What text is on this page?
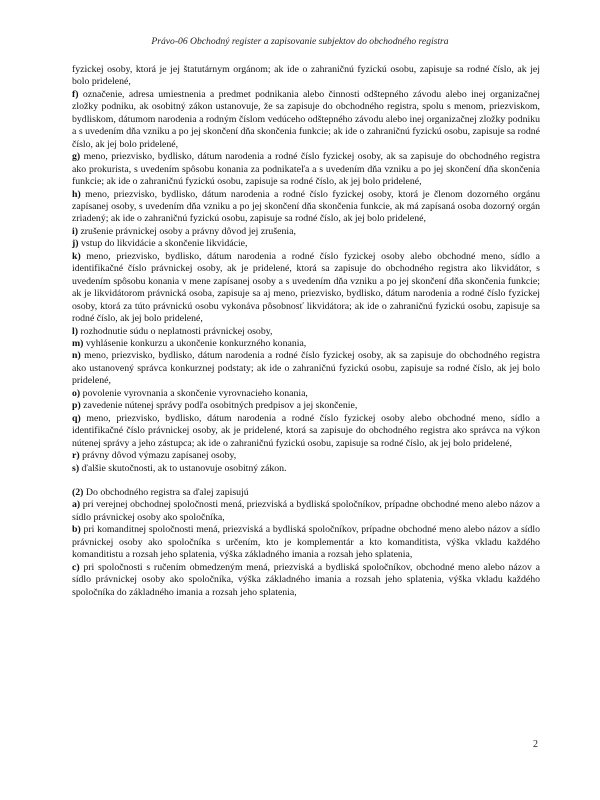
Právo-06 Obchodný register a zapisovanie subjektov do obchodného registra

fyzickej osoby, ktorá je jej štatutárnym orgánom; ak ide o zahraničnú fyzickú osobu, zapisuje sa rodné číslo, ak jej bolo pridelené,

f) označenie, adresa umiestnenia a predmet podnikania alebo činnosti odštepného závodu alebo inej organizačnej zložky podniku, ak osobitný zákon ustanovuje, že sa zapisuje do obchodného registra, spolu s menom, priezviskom, bydliskom, dátumom narodenia a rodným číslom vedúceho odštepného závodu alebo inej organizačnej zložky podniku a s uvedením dňa vzniku a po jej skončení dňa skončenia funkcie; ak ide o zahraničnú fyzickú osobu, zapisuje sa rodné číslo, ak jej bolo pridelené,

g) meno, priezvisko, bydlisko, dátum narodenia a rodné číslo fyzickej osoby, ak sa zapisuje do obchodného registra ako prokurista, s uvedením spôsobu konania za podnikateľa a s uvedením dňa vzniku a po jej skončení dňa skončenia funkcie; ak ide o zahraničnú fyzickú osobu, zapisuje sa rodné číslo, ak jej bolo pridelené,

h) meno, priezvisko, bydlisko, dátum narodenia a rodné číslo fyzickej osoby, ktorá je členom dozorného orgánu zapísanej osoby, s uvedením dňa vzniku a po jej skončení dňa skončenia funkcie, ak má zapísaná osoba dozorný orgán zriadený; ak ide o zahraničnú fyzickú osobu, zapisuje sa rodné číslo, ak jej bolo pridelené,

i) zrušenie právnickej osoby a právny dôvod jej zrušenia,

j) vstup do likvidácie a skončenie likvidácie,

k) meno, priezvisko, bydlisko, dátum narodenia a rodné číslo fyzickej osoby alebo obchodné meno, sídlo a identifikačné číslo právnickej osoby, ak je pridelené, ktorá sa zapisuje do obchodného registra ako likvidátor, s uvedením spôsobu konania v mene zapísanej osoby a s uvedením dňa vzniku a po jej skončení dňa skončenia funkcie; ak je likvidátorom právnická osoba, zapisuje sa aj meno, priezvisko, bydlisko, dátum narodenia a rodné číslo fyzickej osoby, ktorá za túto právnickú osobu vykonáva pôsobnosť likvidátora; ak ide o zahraničnú fyzickú osobu, zapisuje sa rodné číslo, ak jej bolo pridelené,

l) rozhodnutie súdu o neplatnosti právnickej osoby,

m) vyhlásenie konkurzu a ukončenie konkurzného konania,

n) meno, priezvisko, bydlisko, dátum narodenia a rodné číslo fyzickej osoby, ak sa zapisuje do obchodného registra ako ustanovený správca konkurznej podstaty; ak ide o zahraničnú fyzickú osobu, zapisuje sa rodné číslo, ak jej bolo pridelené,

o) povolenie vyrovnania a skončenie vyrovnacieho konania,

p) zavedenie nútenej správy podľa osobitných predpisov a jej skončenie,

q) meno, priezvisko, bydlisko, dátum narodenia a rodné číslo fyzickej osoby alebo obchodné meno, sídlo a identifikačné číslo právnickej osoby, ak je pridelené, ktorá sa zapisuje do obchodného registra ako správca na výkon nútenej správy a jeho zástupca; ak ide o zahraničnú fyzickú osobu, zapisuje sa rodné číslo, ak jej bolo pridelené,

r) právny dôvod výmazu zapísanej osoby,

s) ďalšie skutočnosti, ak to ustanovuje osobitný zákon.

(2) Do obchodného registra sa ďalej zapisujú

a) pri verejnej obchodnej spoločnosti mená, priezviská a bydliská spoločníkov, prípadne obchodné meno alebo názov a sídlo právnickej osoby ako spoločníka,

b) pri komanditnej spoločnosti mená, priezviská a bydliská spoločníkov, prípadne obchodné meno alebo názov a sídlo právnickej osoby ako spoločníka s určením, kto je komplementár a kto komanditista, výška vkladu každého komanditistu a rozsah jeho splatenia, výška základného imania a rozsah jeho splatenia,

c) pri spoločnosti s ručením obmedzeným mená, priezviská a bydliská spoločníkov, obchodné meno alebo názov a sídlo právnickej osoby ako spoločníka, výška základného imania a rozsah jeho splatenia, výška vkladu každého spoločníka do základného imania a rozsah jeho splatenia,

2
